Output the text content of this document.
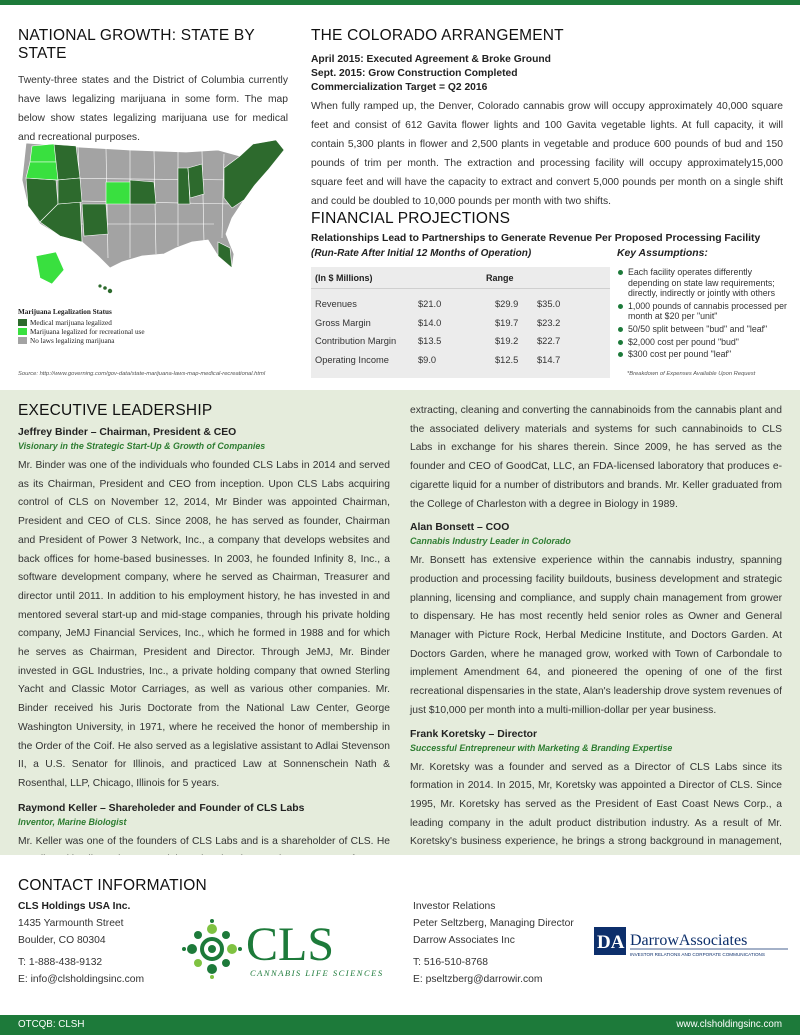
NATIONAL GROWTH: STATE BY STATE

Twenty-three states and the District of Columbia currently have laws legalizing marijuana in some form. The map below show states legalizing marijuana use for medical and recreational purposes.

Marijuana Legalization Status
Medical marijuana legalized
Marijuana legalized for recreational use
No laws legalizing marijuana
Source: http://www.governing.com/gov-data/state-marijuana-laws-map-medical-recreational.html
THE COLORADO ARRANGEMENT
April 2015: Executed Agreement & Broke Ground
Sept. 2015: Grow Construction Completed
Commercialization Target = Q2 2016

When fully ramped up, the Denver, Colorado cannabis grow will occupy approximately 40,000 square feet and consist of 612 Gavita flower lights and 100 Gavita vegetable lights. At full capacity, it will contain 5,300 plants in flower and 2,500 plants in vegetable and produce 600 pounds of bud and 150 pounds of trim per month. The extraction and processing facility will occupy approximately15,000 square feet and will have the capacity to extract and convert 5,000 pounds per month on a single shift and could be doubled to 10,000 pounds per month with two shifts.

FINANCIAL PROJECTIONS
Relationships Lead to Partnerships to Generate Revenue Per Proposed Processing Facility
(Run-Rate After Initial 12 Months of Operation)	Key Assumptions:
(In $ Millions)	Range
Revenues	$21.0	$29.9 $35.0
Gross Margin	$14.0	$19.7 $23.2
Contribution Margin $13.5	$19.2 $22.7
Operating Income	$9.0	$12.5 $14.7
Each facility operates differently depending on state law requirements; directly, indirectly or jointly with others
1,000 pounds of cannabis processed per month at $20 per "unit"
50/50 split between "bud" and "leaf"
$2,000 cost per pound "bud"
$300 cost per pound "leaf"
*Breakdown of Expenses Available Upon Request
EXECUTIVE LEADERSHIP
Jeffrey Binder – Chairman, President & CEO
Visionary in the Strategic Start-Up & Growth of Companies

Mr. Binder was one of the individuals who founded CLS Labs in 2014 and served as its Chairman, President and CEO from inception. Upon CLS Labs acquiring control of CLS on November 12, 2014, Mr Binder was appointed Chairman, President and CEO of CLS. Since 2008, he has served as founder, Chairman and President of Power 3 Network, Inc., a company that develops websites and back offices for home-based businesses. In 2003, he founded Infinity 8, Inc., a software development company, where he served as Chairman, Treasurer and director until 2011. In addition to his employment history, he has invested in and mentored several start-up and mid-stage companies, through his private holding company, JeMJ Financial Services, Inc., which he formed in 1988 and for which he serves as Chairman, President and Director. Through JeMJ, Mr. Binder invested in GGL Industries, Inc., a private holding company that owned Sterling Yacht and Classic Motor Carriages, as well as various other companies. Mr. Binder received his Juris Doctorate from the National Law Center, George Washington University, in 1971, where he received the honor of membership in the Order of the Coif. He also served as a legislative assistant to Adlai Stevenson II, a U.S. Senator for Illinois, and practiced Law at Sonnenschein Nath & Rosenthal, LLP, Chicago, Illinois for 5 years.

Raymond Keller – Shareholeder and Founder of CLS Labs
Inventor, Marine Biologist

Mr. Keller was one of the founders of CLS Labs and is a shareholder of CLS. He

extracting, cleaning and converting the cannabinoids from the cannabis plant and the associated delivery materials and systems for such cannabinoids to CLS Labs in exchange for his shares therein. Since 2009, he has served as the founder and CEO of GoodCat, LLC, an FDA-licensed laboratory that produces e-cigarette liquid for a number of distributors and brands. Mr. Keller graduated from the College of Charleston with a degree in Biology in 1989.

Alan Bonsett – COO
Cannabis Industry Leader in Colorado

Mr. Bonsett has extensive experience within the cannabis industry, spanning production and processing facility buildouts, business development and strategic planning, licensing and compliance, and supply chain management from grower to dispensary. He has most recently held senior roles as Owner and General Manager with Picture Rock, Herbal Medicine Institute, and Doctors Garden. At Doctors Garden, where he managed grow, worked with Town of Carbondale to implement Amendment 64, and pioneered the opening of one of the first recreational dispensaries in the state, Alan's leadership drove system revenues of just $10,000 per month into a multi-million-dollar per year business.

Frank Koretsky – Director
Successful Entrepreneur with Marketing & Branding Expertise

Mr. Koretsky was a founder and served as a Director of CLS Labs since its formation in 2014. In 2015, Mr, Koretsky was appointed a Director of CLS. Since 1995, Mr. Koretsky has served as the President of East Coast News Corp., a leading company in the adult product distribution industry. As a result of Mr. Koretsky's business experience, he brings a strong background in management,

CONTACT INFORMATION
CLS Holdings USA Inc.
1435 Yarmounth Street
Boulder, CO 80304
T: 1-888-438-9132
E: info@clsholdingsinc.com
CLS
CANNABIS LIFE SCIENCES
Investor Relations
Peter Seltzberg, Managing Director
Darrow Associates Inc
T: 516-510-8768
E: pseltzberg@darrowir.com
DA DarrowAssociates
INVESTOR RELATIONS AND CORPORATE COMMUNICATIONS
OTCQB: CLSH	www.clsholdingsinc.com
